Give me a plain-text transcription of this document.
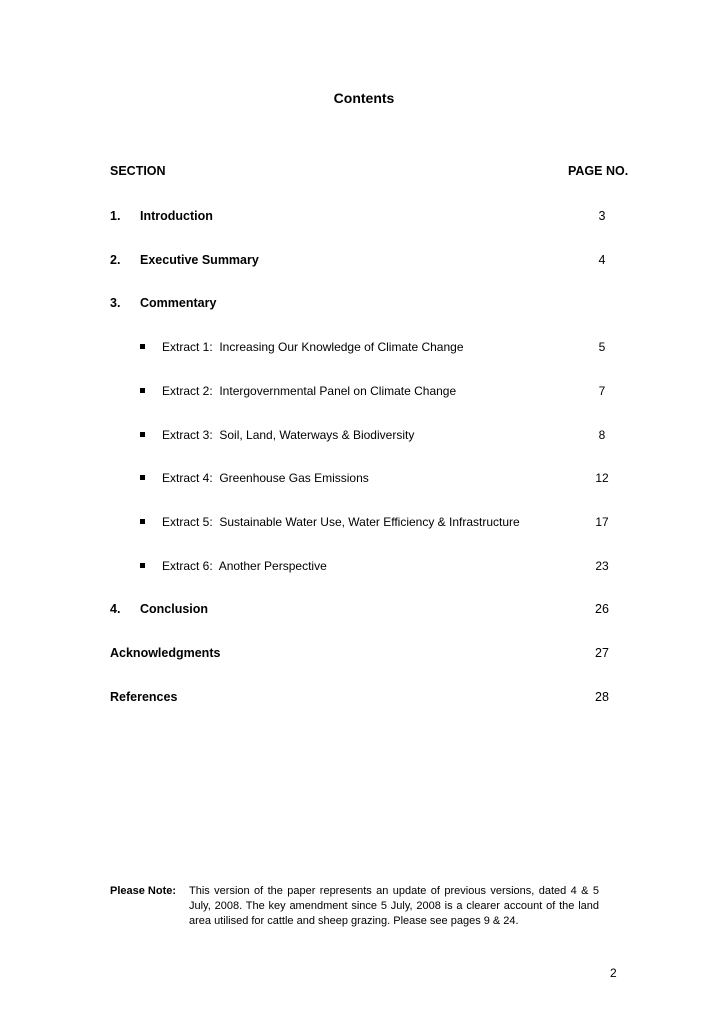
Contents
SECTION	PAGE NO.
1. Introduction	3
2. Executive Summary	4
3. Commentary
Extract 1:  Increasing Our Knowledge of Climate Change	5
Extract 2:  Intergovernmental Panel on Climate Change	7
Extract 3:  Soil, Land, Waterways & Biodiversity	8
Extract 4:  Greenhouse Gas Emissions	12
Extract 5:  Sustainable Water Use, Water Efficiency & Infrastructure	17
Extract 6:  Another Perspective	23
4. Conclusion	26
Acknowledgments	27
References	28
Please Note: This version of the paper represents an update of previous versions, dated 4 & 5 July, 2008. The key amendment since 5 July, 2008 is a clearer account of the land area utilised for cattle and sheep grazing. Please see pages 9 & 24.
2
